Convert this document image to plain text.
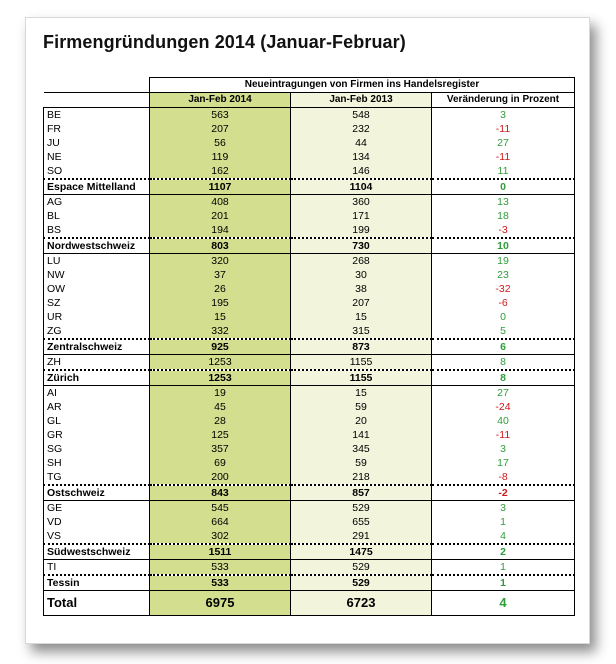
Firmengründungen 2014 (Januar-Februar)
	Neueintragungen von Firmen ins Handelsregister		
	Jan-Feb 2014	Jan-Feb 2013	Veränderung in Prozent
BE	563	548	3
FR	207	232	-11
JU	56	44	27
NE	119	134	-11
SO	162	146	11
Espace Mittelland	1107	1104	0
AG	408	360	13
BL	201	171	18
BS	194	199	-3
Nordwestschweiz	803	730	10
LU	320	268	19
NW	37	30	23
OW	26	38	-32
SZ	195	207	-6
UR	15	15	0
ZG	332	315	5
Zentralschweiz	925	873	6
ZH	1253	1155	8
Zürich	1253	1155	8
AI	19	15	27
AR	45	59	-24
GL	28	20	40
GR	125	141	-11
SG	357	345	3
SH	69	59	17
TG	200	218	-8
Ostschweiz	843	857	-2
GE	545	529	3
VD	664	655	1
VS	302	291	4
Südwestschweiz	1511	1475	2
TI	533	529	1
Tessin	533	529	1
Total	6975	6723	4
